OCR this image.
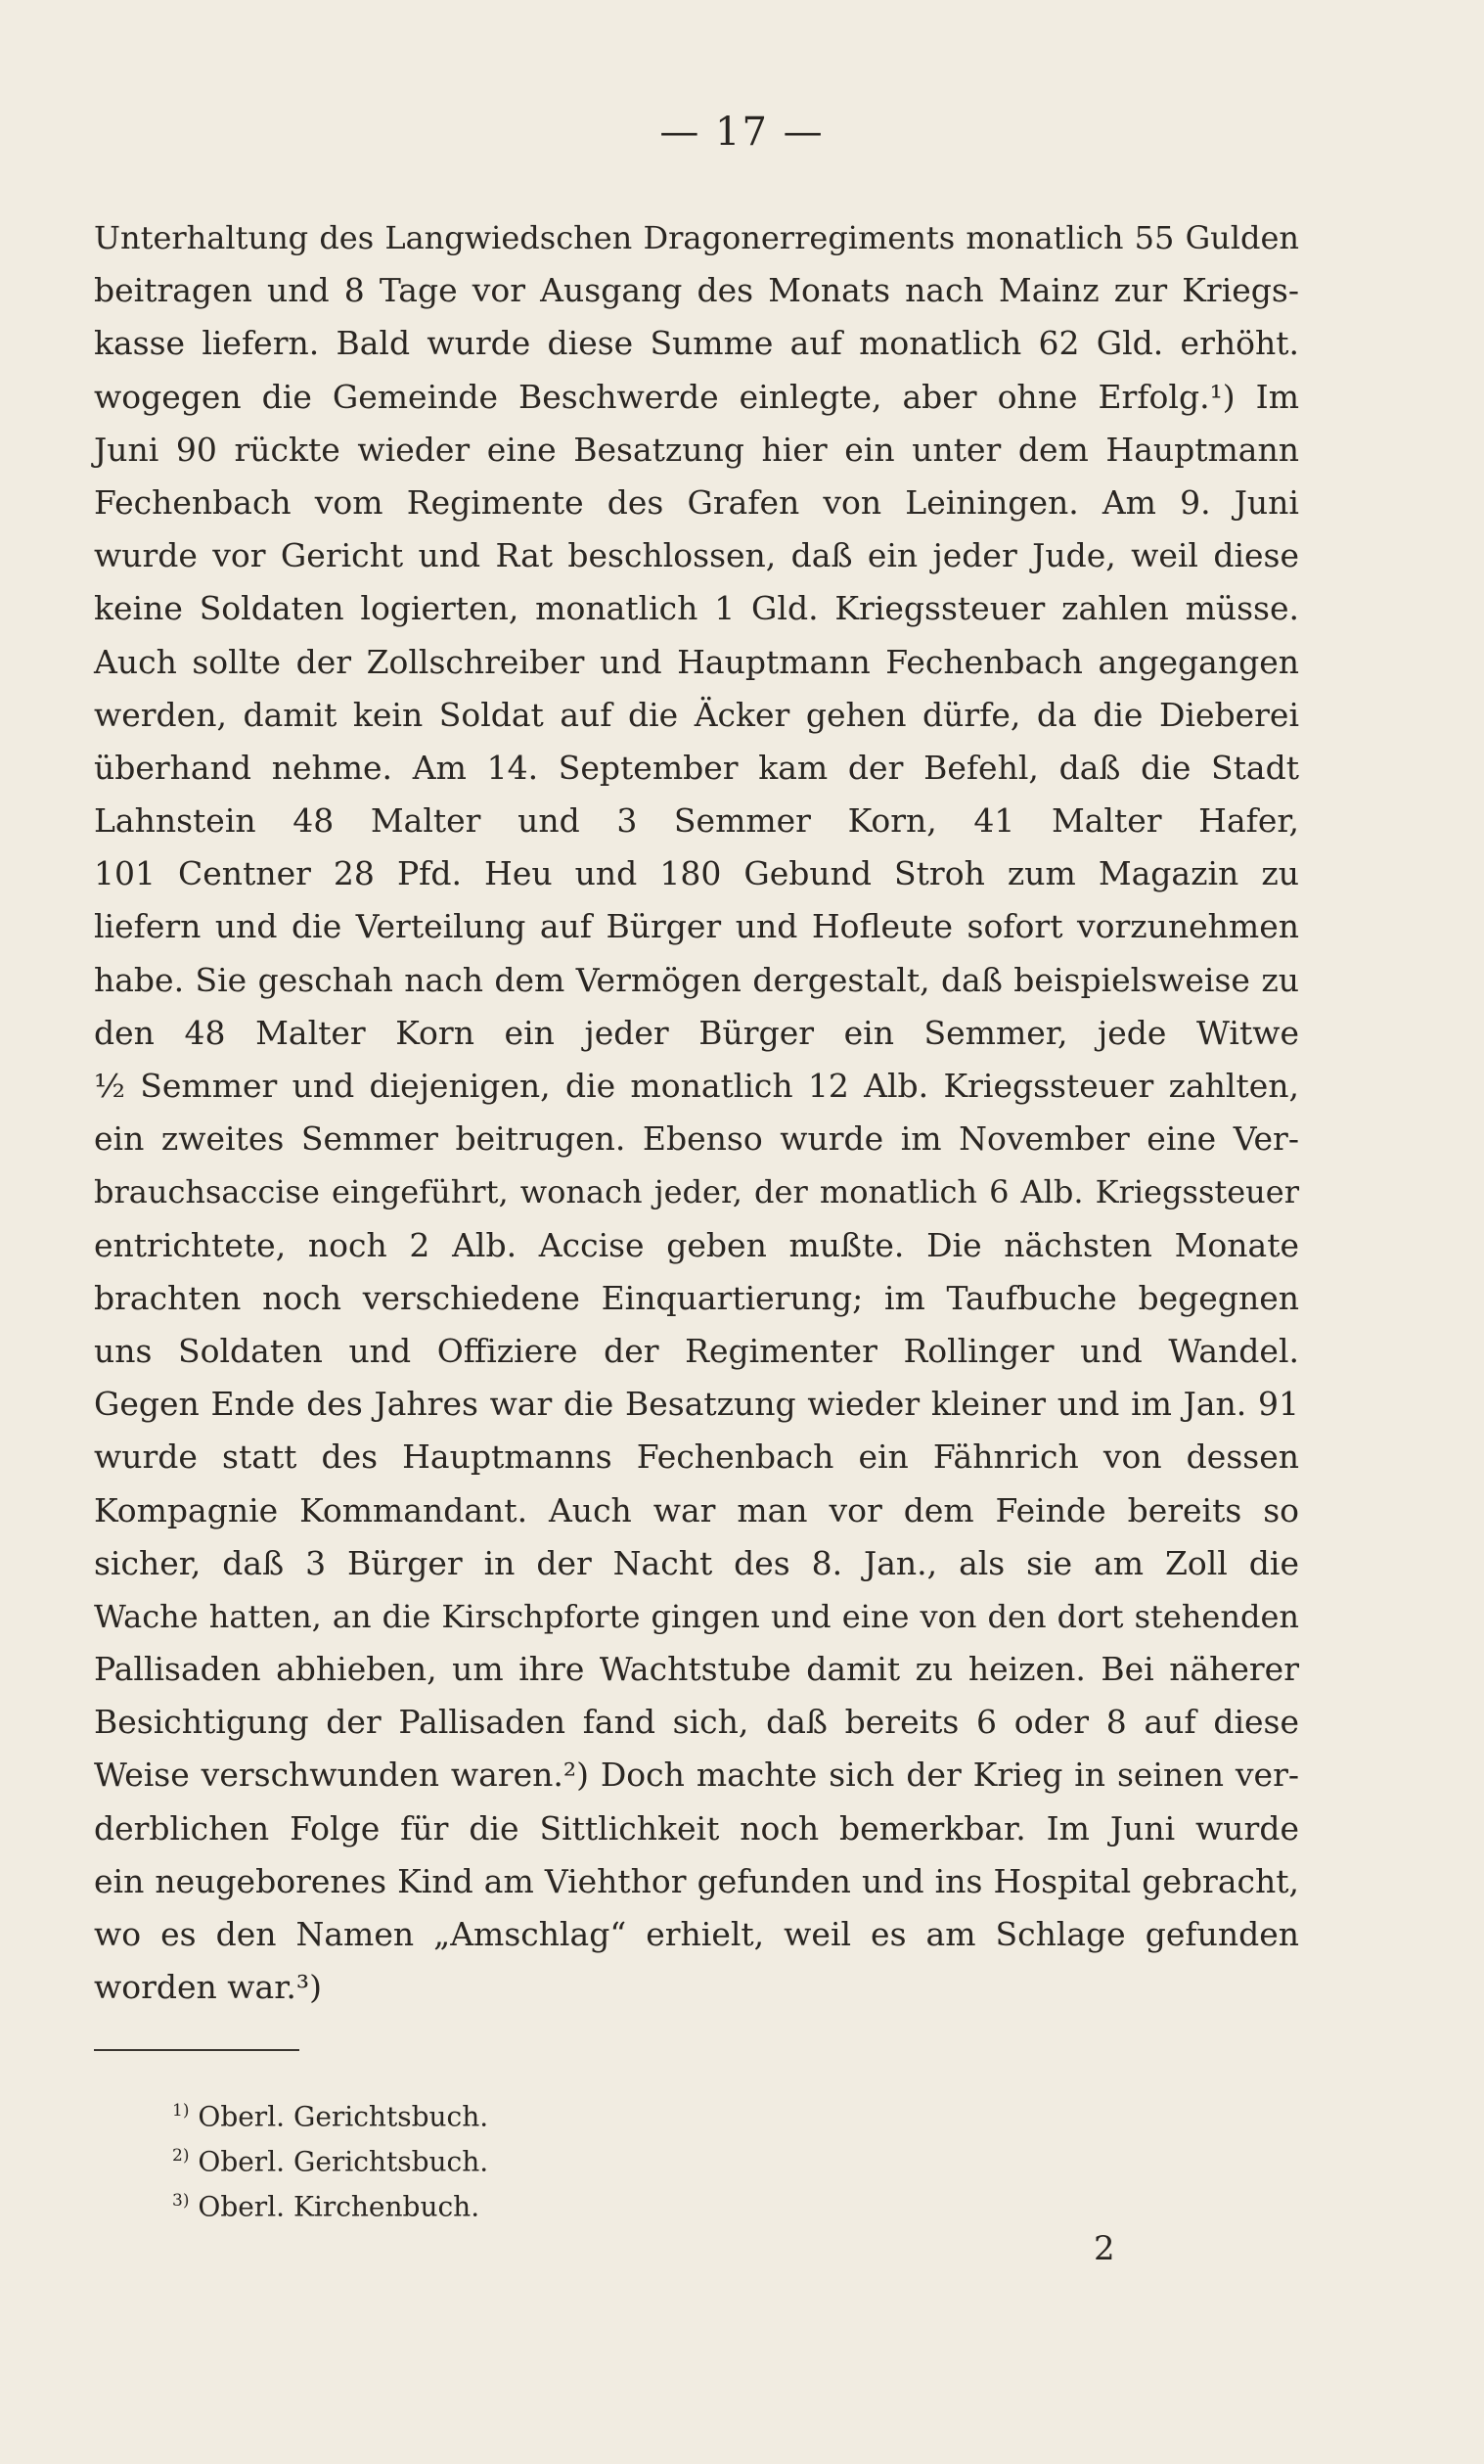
— 17 —
Unterhaltung des Langwiedschen Dragonerregiments monatlich 55 Gulden
beitragen und 8 Tage vor Ausgang des Monats nach Mainz zur Kriegs-
kasse liefern. Bald wurde diese Summe auf monatlich 62 Gld. erhöht.
wogegen die Gemeinde Beschwerde einlegte, aber ohne Erfolg.¹) Im
Juni 90 rückte wieder eine Besatzung hier ein unter dem Hauptmann
Fechenbach vom Regimente des Grafen von Leiningen. Am 9. Juni
wurde vor Gericht und Rat beschlossen, daß ein jeder Jude, weil diese
keine Soldaten logierten, monatlich 1 Gld. Kriegssteuer zahlen müsse.
Auch sollte der Zollschreiber und Hauptmann Fechenbach angegangen
werden, damit kein Soldat auf die Äcker gehen dürfe, da die Dieberei
überhand nehme. Am 14. September kam der Befehl, daß die Stadt
Lahnstein 48 Malter und 3 Semmer Korn, 41 Malter Hafer,
101 Centner 28 Pfd. Heu und 180 Gebund Stroh zum Magazin zu
liefern und die Verteilung auf Bürger und Hofleute sofort vorzunehmen
habe. Sie geschah nach dem Vermögen dergestalt, daß beispielsweise zu
den 48 Malter Korn ein jeder Bürger ein Semmer, jede Witwe
½ Semmer und diejenigen, die monatlich 12 Alb. Kriegssteuer zahlten,
ein zweites Semmer beitrugen. Ebenso wurde im November eine Ver-
brauchsaccise eingeführt, wonach jeder, der monatlich 6 Alb. Kriegssteuer
entrichtete, noch 2 Alb. Accise geben mußte. Die nächsten Monate
brachten noch verschiedene Einquartierung; im Taufbuche begegnen
uns Soldaten und Offiziere der Regimenter Rollinger und Wandel.
Gegen Ende des Jahres war die Besatzung wieder kleiner und im Jan. 91
wurde statt des Hauptmanns Fechenbach ein Fähnrich von dessen
Kompagnie Kommandant. Auch war man vor dem Feinde bereits so
sicher, daß 3 Bürger in der Nacht des 8. Jan., als sie am Zoll die
Wache hatten, an die Kirschpforte gingen und eine von den dort stehenden
Pallisaden abhieben, um ihre Wachtstube damit zu heizen. Bei näherer
Besichtigung der Pallisaden fand sich, daß bereits 6 oder 8 auf diese
Weise verschwunden waren.²) Doch machte sich der Krieg in seinen ver-
derblichen Folge für die Sittlichkeit noch bemerkbar. Im Juni wurde
ein neugeborenes Kind am Viehthor gefunden und ins Hospital gebracht,
wo es den Namen „Amschlag“ erhielt, weil es am Schlage gefunden
worden war.³)
$^{1)}$ Oberl. Gerichtsbuch.
$^{2)}$ Oberl. Gerichtsbuch.
$^{3)}$ Oberl. Kirchenbuch.
2
